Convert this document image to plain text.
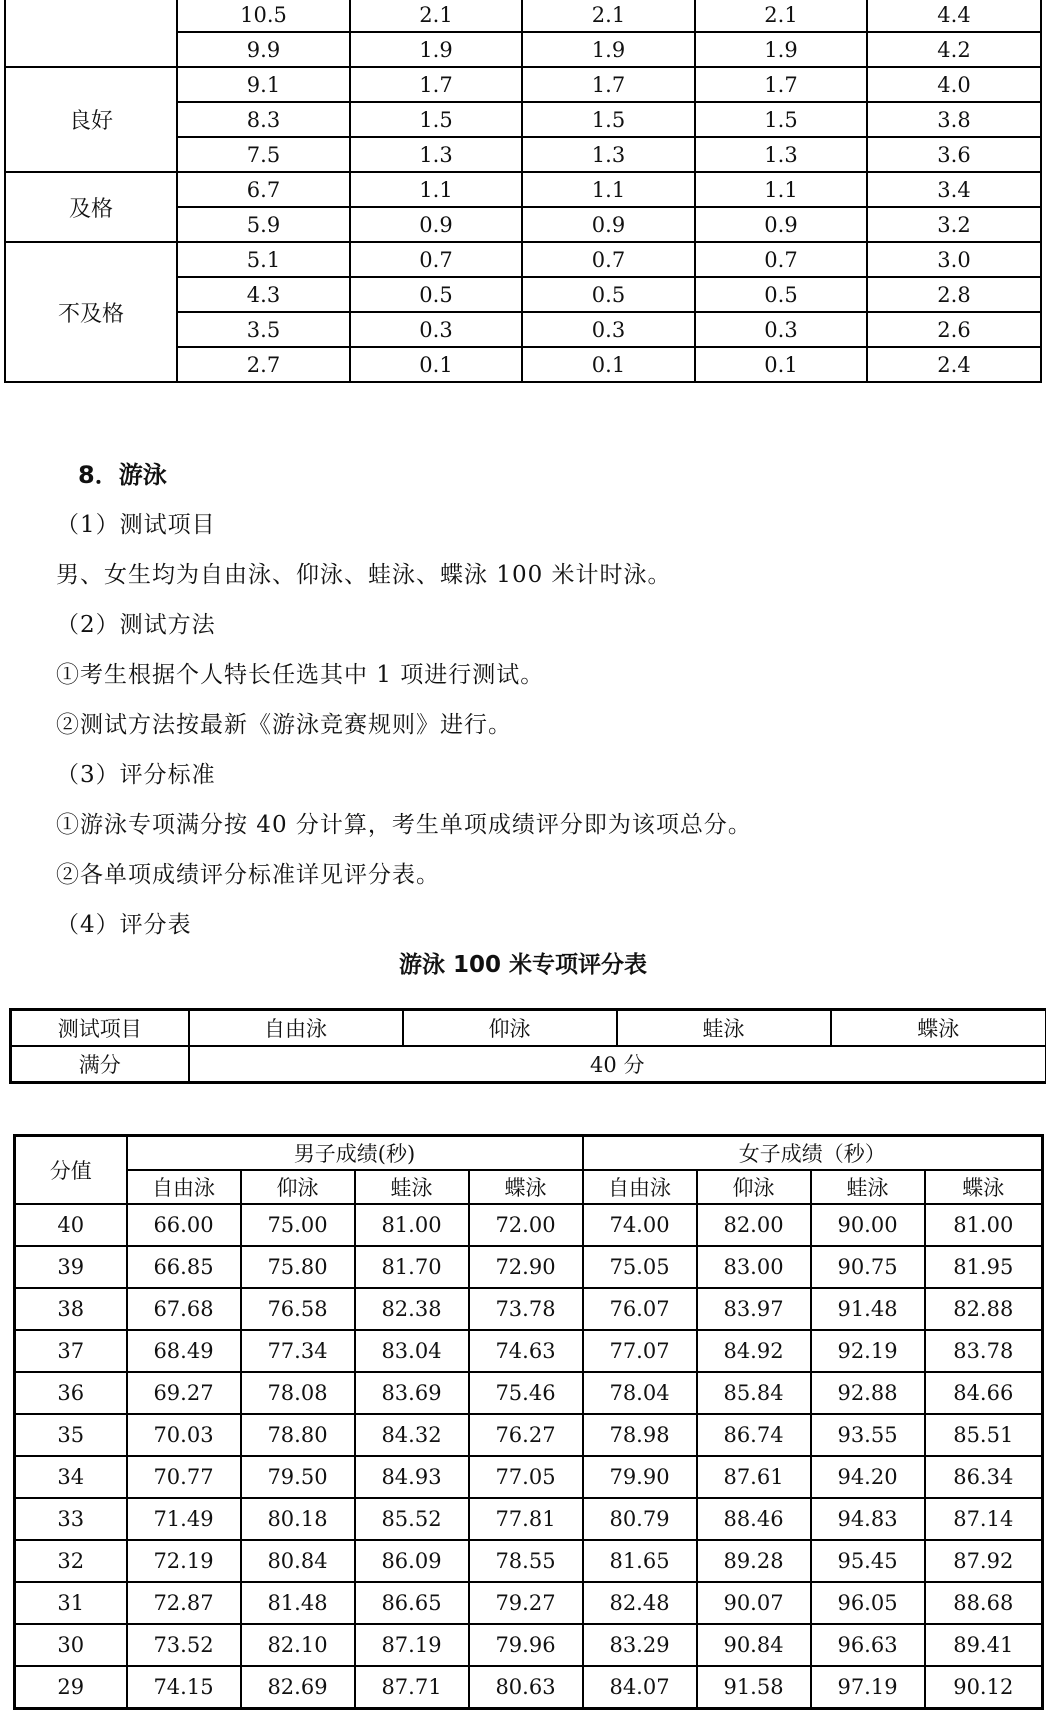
	10.5	2.1	2.1	2.1	4.4
	9.9	1.9	1.9	1.9	4.2
良好	9.1	1.7	1.7	1.7	4.0
	8.3	1.5	1.5	1.5	3.8
	7.5	1.3	1.3	1.3	3.6
及格	6.7	1.1	1.1	1.1	3.4
	5.9	0.9	0.9	0.9	3.2
不及格	5.1	0.7	0.7	0.7	3.0
	4.3	0.5	0.5	0.5	2.8
	3.5	0.3	0.3	0.3	2.6
	2.7	0.1	0.1	0.1	2.4
8．游泳
（1）测试项目
男、女生均为自由泳、仰泳、蛙泳、蝶泳 100 米计时泳。
（2）测试方法
①考生根据个人特长任选其中 1 项进行测试。
②测试方法按最新《游泳竞赛规则》进行。
（3）评分标准
①游泳专项满分按 40 分计算，考生单项成绩评分即为该项总分。
②各单项成绩评分标准详见评分表。
（4）评分表
游泳 100 米专项评分表
测试项目	自由泳	仰泳	蛙泳	蝶泳
满分	40 分			
分值	男子成绩(秒)				女子成绩（秒）			
	自由泳	仰泳	蛙泳	蝶泳	自由泳	仰泳	蛙泳	蝶泳
40	66.00	75.00	81.00	72.00	74.00	82.00	90.00	81.00
39	66.85	75.80	81.70	72.90	75.05	83.00	90.75	81.95
38	67.68	76.58	82.38	73.78	76.07	83.97	91.48	82.88
37	68.49	77.34	83.04	74.63	77.07	84.92	92.19	83.78
36	69.27	78.08	83.69	75.46	78.04	85.84	92.88	84.66
35	70.03	78.80	84.32	76.27	78.98	86.74	93.55	85.51
34	70.77	79.50	84.93	77.05	79.90	87.61	94.20	86.34
33	71.49	80.18	85.52	77.81	80.79	88.46	94.83	87.14
32	72.19	80.84	86.09	78.55	81.65	89.28	95.45	87.92
31	72.87	81.48	86.65	79.27	82.48	90.07	96.05	88.68
30	73.52	82.10	87.19	79.96	83.29	90.84	96.63	89.41
29	74.15	82.69	87.71	80.63	84.07	91.58	97.19	90.12
